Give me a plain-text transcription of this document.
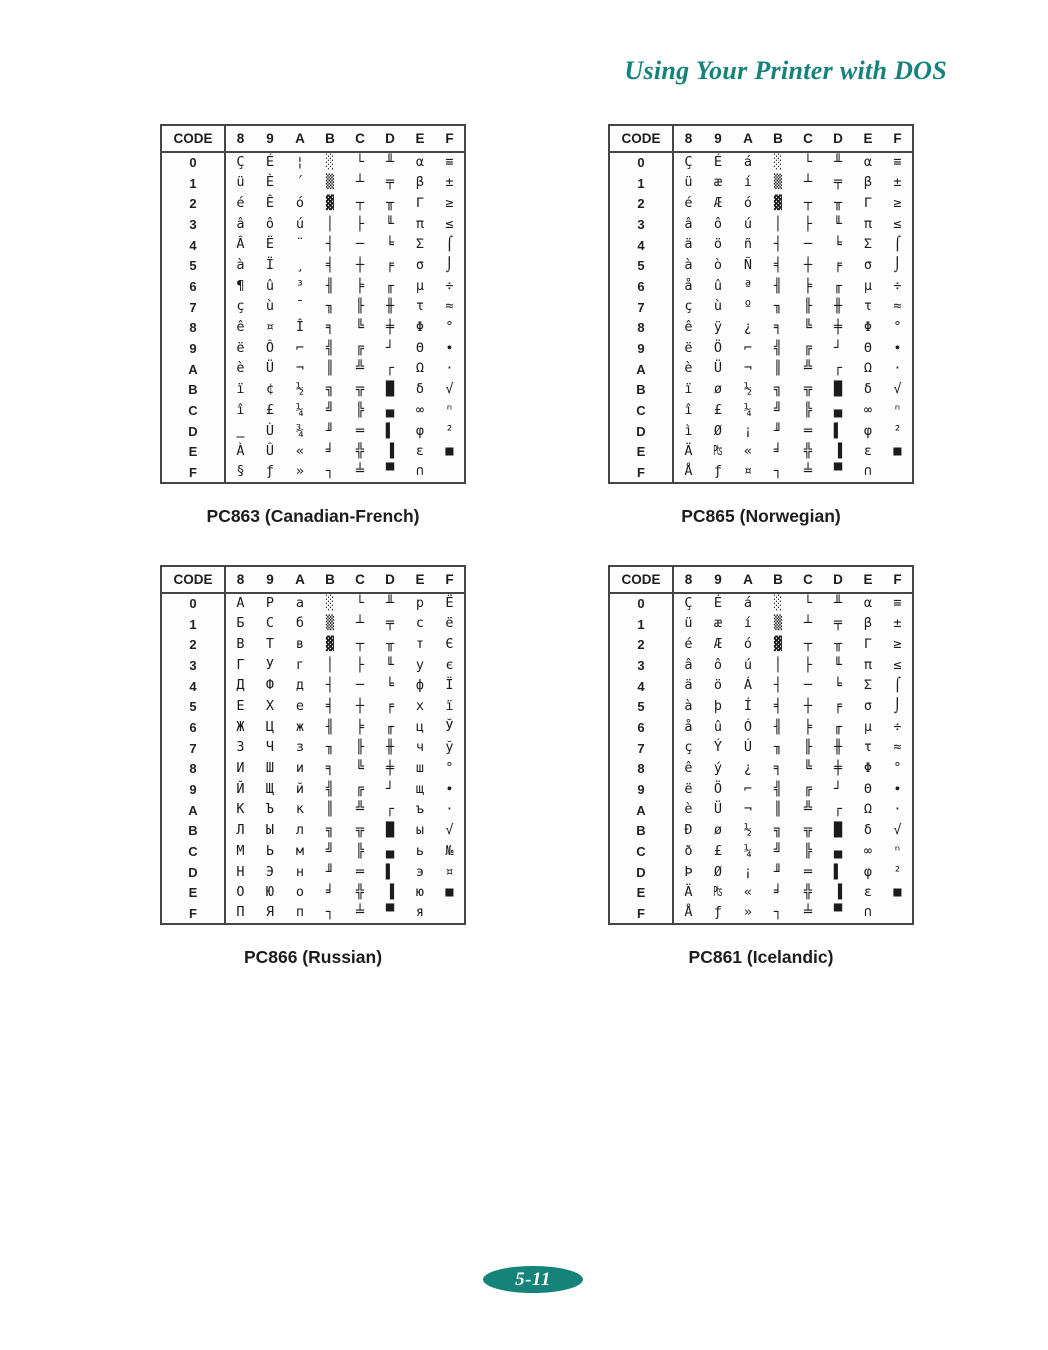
Using Your Printer with DOS
CODE	8	9	A	B	C	D	E	F
0	Ç	É	¦	░	└	╨	α	≡
1	ü	È	´	▒	┴	╤	β	±
2	é	Ê	ó	▓	┬	╥	Γ	≥
3	â	ô	ú	│	├	╙	π	≤
4	Â	Ë	¨	┤	─	╘	Σ	⌠
5	à	Ï	¸	╡	┼	╒	σ	⌡
6	¶	û	³	╢	╞	╓	µ	÷
7	ç	ù	¯	╖	╟	╫	τ	≈
8	ê	¤	Î	╕	╚	╪	Φ	°
9	ë	Ô	⌐	╣	╔	┘	Θ	∙
A	è	Ü	¬	║	╩	┌	Ω	·
B	ï	¢	½	╗	╦	█	δ	√
C	î	£	¼	╝	╠	▄	∞	ⁿ
D	‗	Ù	¾	╜	═	▌	φ	²
E	À	Û	«	╛	╬	▐	ε	■
F	§	ƒ	»	┐	╧	▀	∩	
CODE	8	9	A	B	C	D	E	F
0	Ç	É	á	░	└	╨	α	≡
1	ü	æ	í	▒	┴	╤	β	±
2	é	Æ	ó	▓	┬	╥	Γ	≥
3	â	ô	ú	│	├	╙	π	≤
4	ä	ö	ñ	┤	─	╘	Σ	⌠
5	à	ò	Ñ	╡	┼	╒	σ	⌡
6	å	û	ª	╢	╞	╓	µ	÷
7	ç	ù	º	╖	╟	╫	τ	≈
8	ê	ÿ	¿	╕	╚	╪	Φ	°
9	ë	Ö	⌐	╣	╔	┘	Θ	∙
A	è	Ü	¬	║	╩	┌	Ω	·
B	ï	ø	½	╗	╦	█	δ	√
C	î	£	¼	╝	╠	▄	∞	ⁿ
D	ì	Ø	¡	╜	═	▌	φ	²
E	Ä	₧	«	╛	╬	▐	ε	■
F	Å	ƒ	¤	┐	╧	▀	∩	
CODE	8	9	A	B	C	D	E	F
0	А	Р	а	░	└	╨	р	Ё
1	Б	С	б	▒	┴	╤	с	ё
2	В	Т	в	▓	┬	╥	т	Є
3	Г	У	г	│	├	╙	у	є
4	Д	Ф	д	┤	─	╘	ф	Ї
5	Е	Х	е	╡	┼	╒	х	ї
6	Ж	Ц	ж	╢	╞	╓	ц	Ў
7	З	Ч	з	╖	╟	╫	ч	ў
8	И	Ш	и	╕	╚	╪	ш	°
9	Й	Щ	й	╣	╔	┘	щ	∙
A	К	Ъ	к	║	╩	┌	ъ	·
B	Л	Ы	л	╗	╦	█	ы	√
C	М	Ь	м	╝	╠	▄	ь	№
D	Н	Э	н	╜	═	▌	э	¤
E	О	Ю	о	╛	╬	▐	ю	■
F	П	Я	п	┐	╧	▀	я	
CODE	8	9	A	B	C	D	E	F
0	Ç	É	á	░	└	╨	α	≡
1	ü	æ	í	▒	┴	╤	β	±
2	é	Æ	ó	▓	┬	╥	Γ	≥
3	â	ô	ú	│	├	╙	π	≤
4	ä	ö	Á	┤	─	╘	Σ	⌠
5	à	þ	Í	╡	┼	╒	σ	⌡
6	å	û	Ó	╢	╞	╓	µ	÷
7	ç	Ý	Ú	╖	╟	╫	τ	≈
8	ê	ý	¿	╕	╚	╪	Φ	°
9	ë	Ö	⌐	╣	╔	┘	Θ	∙
A	è	Ü	¬	║	╩	┌	Ω	·
B	Ð	ø	½	╗	╦	█	δ	√
C	ð	£	¼	╝	╠	▄	∞	ⁿ
D	Þ	Ø	¡	╜	═	▌	φ	²
E	Ä	₧	«	╛	╬	▐	ε	■
F	Å	ƒ	»	┐	╧	▀	∩	
PC863 (Canadian-French)	PC865 (Norwegian)
PC866 (Russian)	PC861 (Icelandic)
5-11
